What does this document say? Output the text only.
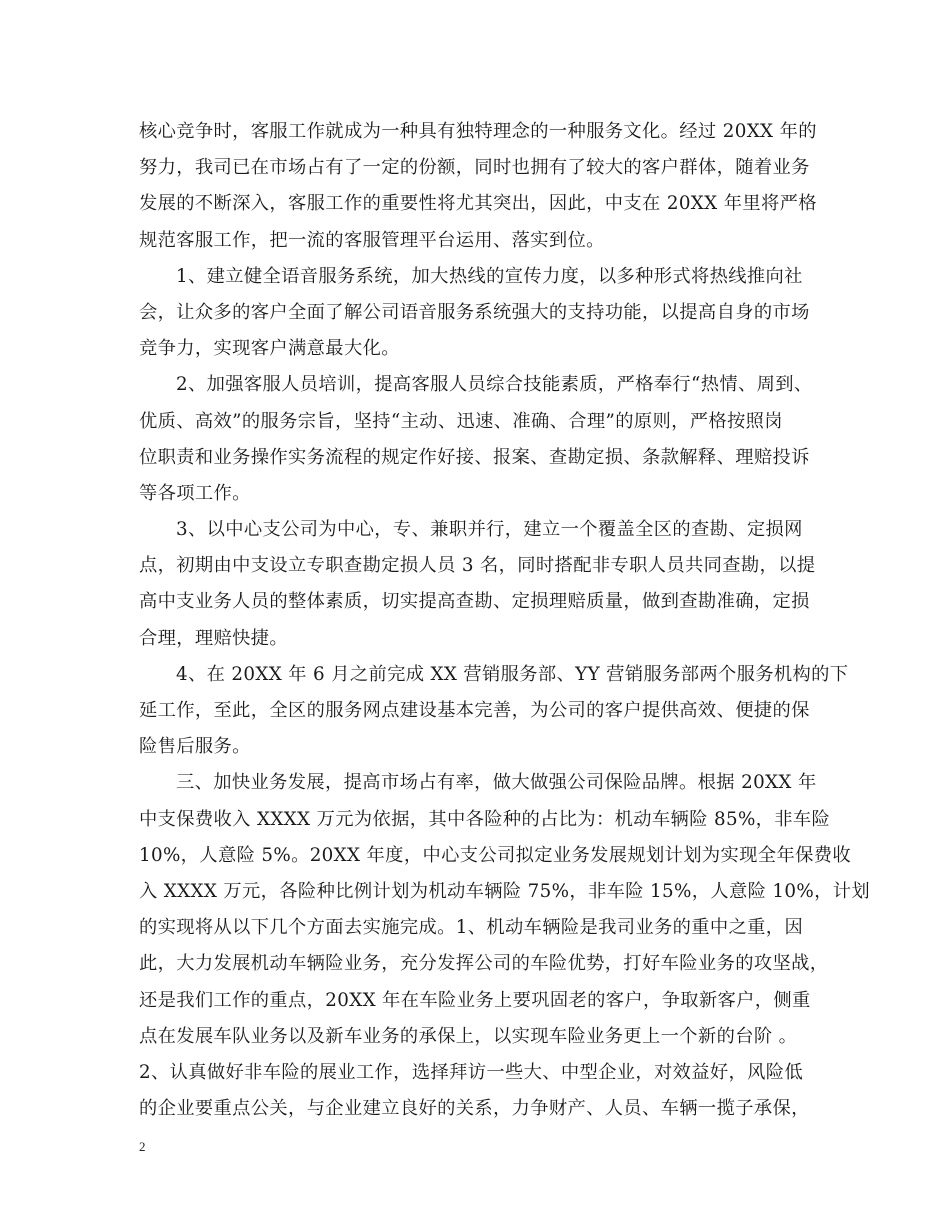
核心竞争时，客服工作就成为一种具有独特理念的一种服务文化。经过 20XX 年的
努力，我司已在市场占有了一定的份额，同时也拥有了较大的客户群体，随着业务
发展的不断深入，客服工作的重要性将尤其突出，因此，中支在 20XX 年里将严格
规范客服工作，把一流的客服管理平台运用、落实到位。
1、建立健全语音服务系统，加大热线的宣传力度，以多种形式将热线推向社
会，让众多的客户全面了解公司语音服务系统强大的支持功能，以提高自身的市场
竞争力，实现客户满意最大化。
2、加强客服人员培训，提高客服人员综合技能素质，严格奉行“热情、周到、
优质、高效”的服务宗旨，坚持“主动、迅速、准确、合理”的原则，严格按照岗
位职责和业务操作实务流程的规定作好接、报案、查勘定损、条款解释、理赔投诉
等各项工作。
3、以中心支公司为中心，专、兼职并行，建立一个覆盖全区的查勘、定损网
点，初期由中支设立专职查勘定损人员 3 名，同时搭配非专职人员共同查勘，以提
高中支业务人员的整体素质，切实提高查勘、定损理赔质量，做到查勘准确，定损
合理，理赔快捷。
4、在 20XX 年 6 月之前完成 XX 营销服务部、YY 营销服务部两个服务机构的下
延工作，至此，全区的服务网点建设基本完善，为公司的客户提供高效、便捷的保
险售后服务。
三、加快业务发展，提高市场占有率，做大做强公司保险品牌。根据 20XX 年
中支保费收入 XXXX 万元为依据，其中各险种的占比为：机动车辆险 85%，非车险
10%，人意险 5%。20XX 年度，中心支公司拟定业务发展规划计划为实现全年保费收
入 XXXX 万元，各险种比例计划为机动车辆险 75%，非车险 15%，人意险 10%，计划
的实现将从以下几个方面去实施完成。1、机动车辆险是我司业务的重中之重，因
此，大力发展机动车辆险业务，充分发挥公司的车险优势，打好车险业务的攻坚战，
还是我们工作的重点，20XX 年在车险业务上要巩固老的客户，争取新客户，侧重
点在发展车队业务以及新车业务的承保上，以实现车险业务更上一个新的台阶 。
2、认真做好非车险的展业工作，选择拜访一些大、中型企业，对效益好，风险低
的企业要重点公关，与企业建立良好的关系，力争财产、人员、车辆一揽子承保，
2
